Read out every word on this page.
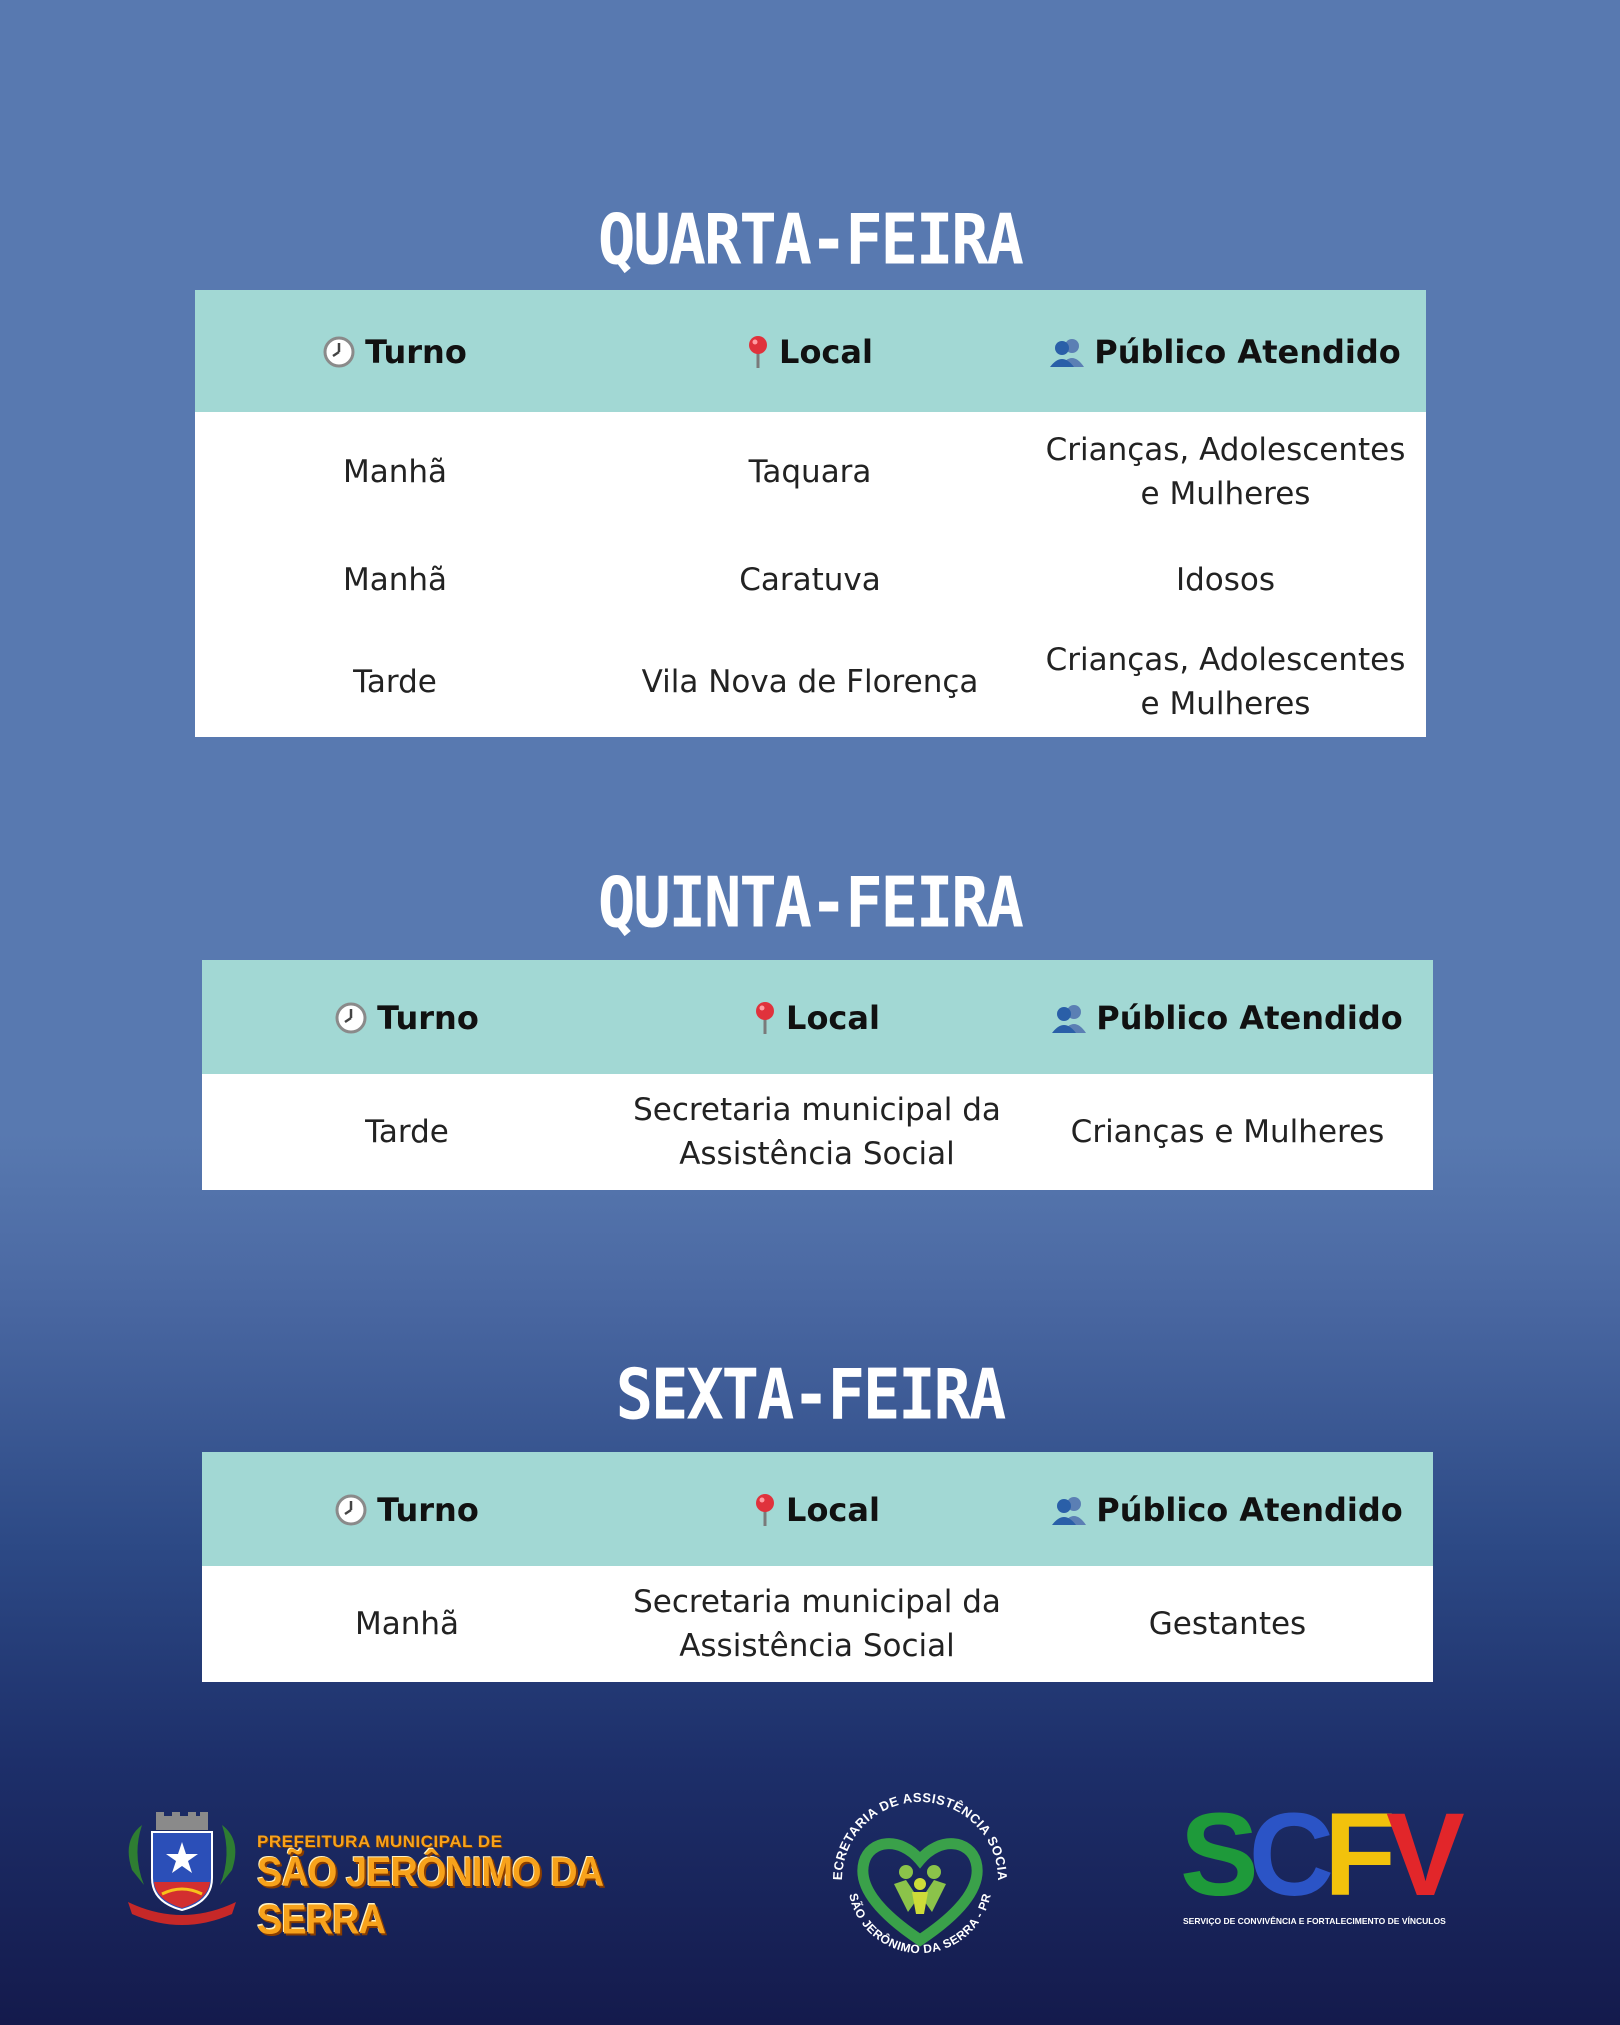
QUARTA-FEIRA
Turno	Local	Público Atendido
Manhã	Taquara	Crianças, Adolescentes e Mulheres
Manhã	Caratuva	Idosos
Tarde	Vila Nova de Florença	Crianças, Adolescentes e Mulheres
QUINTA-FEIRA
Turno	Local	Público Atendido
Tarde	Secretaria municipal da Assistência Social	Crianças e Mulheres
SEXTA-FEIRA
Turno	Local	Público Atendido
Manhã	Secretaria municipal da Assistência Social	Gestantes
PREFEITURA MUNICIPAL DE
SÃO JERÔNIMO DA SERRA
ECRETARIA DE ASSISTÊNCIA SOCIA
SÃO JERÔNIMO DA SERRA - PR SCFV
SERVIÇO DE CONVIVÊNCIA E FORTALECIMENTO DE VÍNCULOS
